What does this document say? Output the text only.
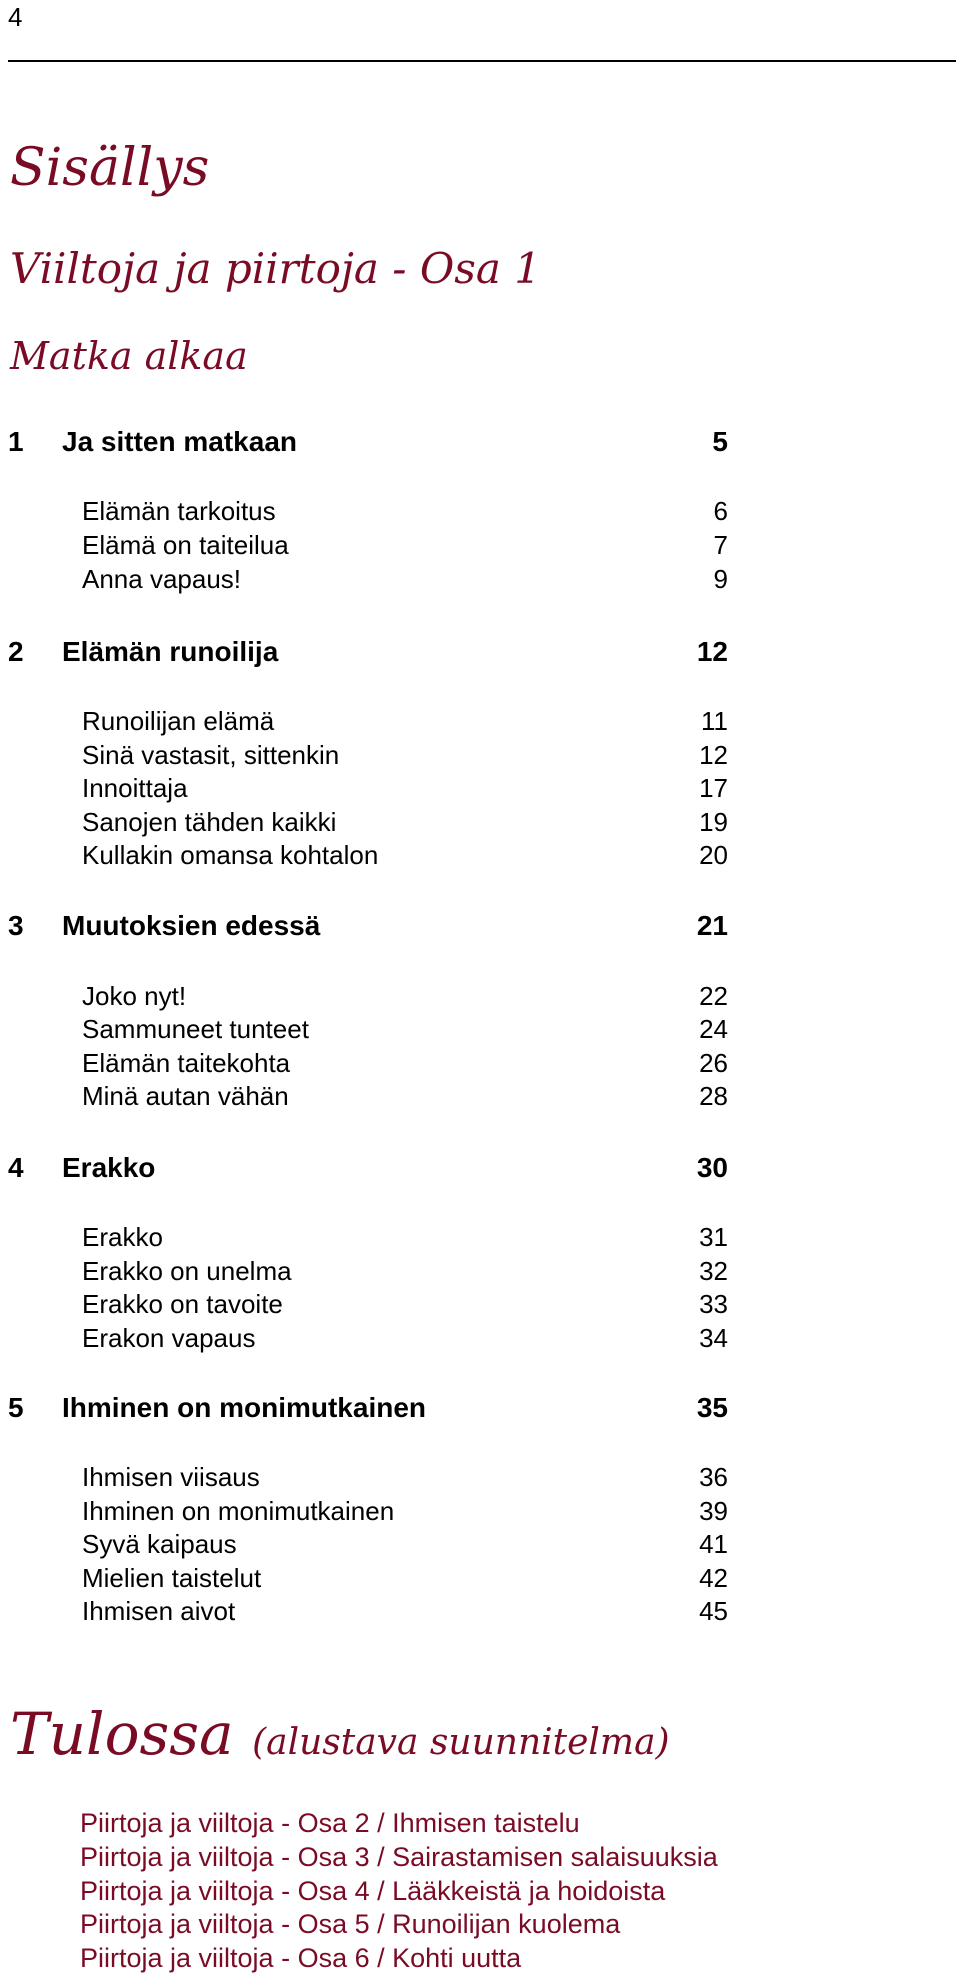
4
Sisällys
Viiltoja ja piirtoja - Osa 1
Matka alkaa
1 Ja sitten matkaan	5
Elämän tarkoitus	6
Elämä on taiteilua	7
Anna vapaus!	9
2 Elämän runoilija	12
Runoilijan elämä	11
Sinä vastasit, sittenkin	12
Innoittaja	17
Sanojen tähden kaikki	19
Kullakin omansa kohtalon	20
3 Muutoksien edessä	21
Joko nyt!	22
Sammuneet tunteet	24
Elämän taitekohta	26
Minä autan vähän	28
4 Erakko	30
Erakko	31
Erakko on unelma	32
Erakko on tavoite	33
Erakon vapaus	34
5 Ihminen on monimutkainen	35
Ihmisen viisaus	36
Ihminen on monimutkainen	39
Syvä kaipaus	41
Mielien taistelut	42
Ihmisen aivot	45
Tulossa (alustava suunnitelma)
Piirtoja ja viiltoja - Osa 2 / Ihmisen taistelu
Piirtoja ja viiltoja - Osa 3 / Sairastamisen salaisuuksia
Piirtoja ja viiltoja - Osa 4 / Lääkkeistä ja hoidoista
Piirtoja ja viiltoja - Osa 5 / Runoilijan kuolema
Piirtoja ja viiltoja - Osa 6 / Kohti uutta
